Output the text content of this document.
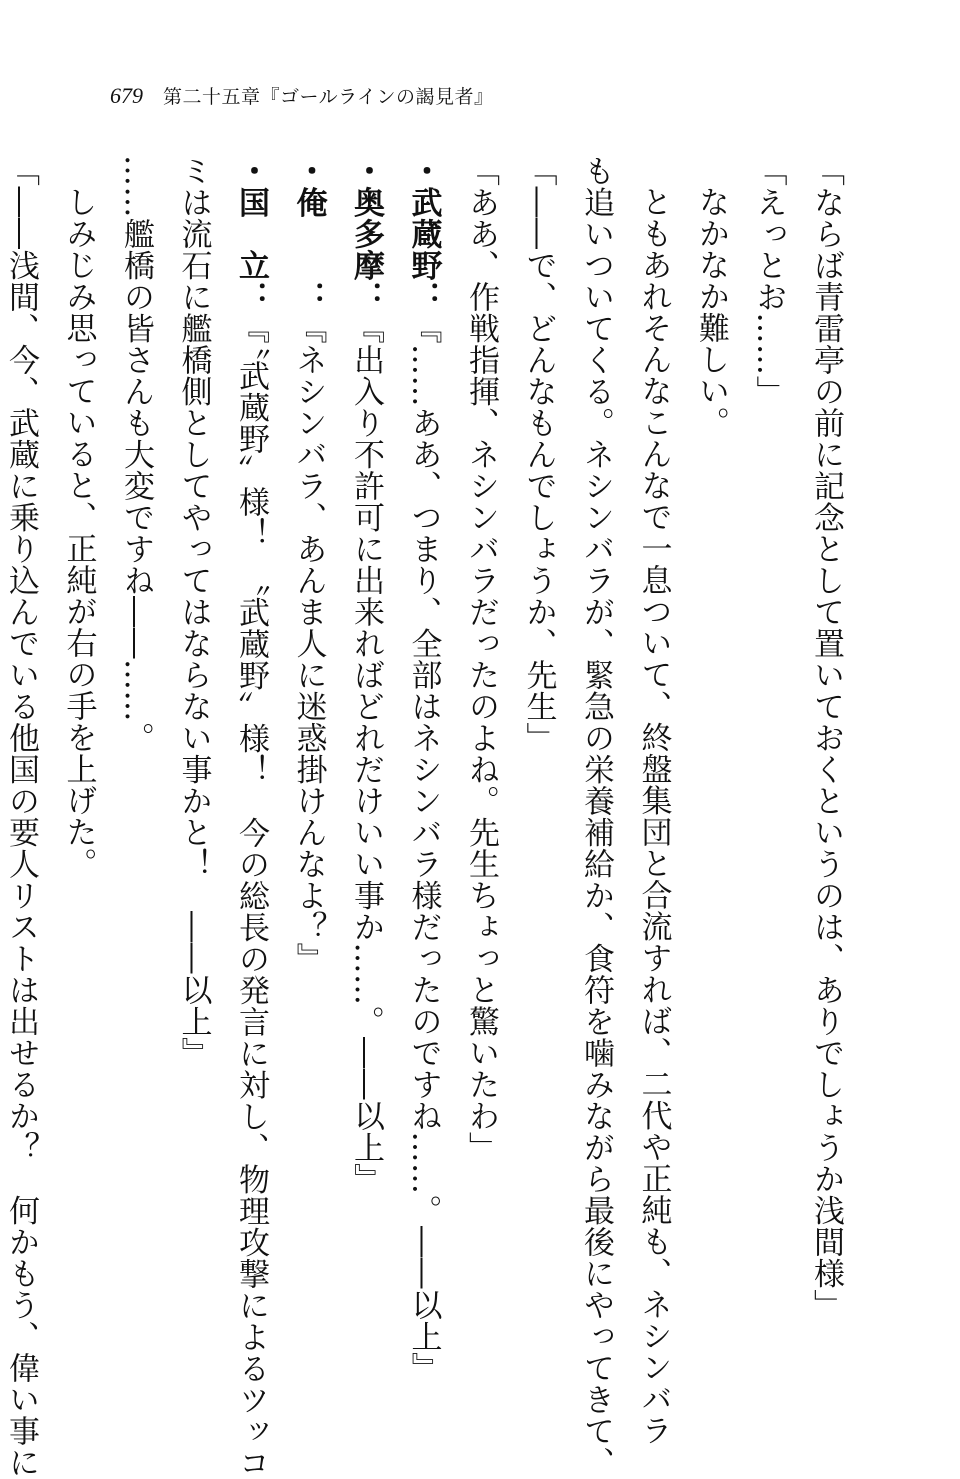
679 第二十五章『ゴールラインの謁見者』
「ならば青雷亭の前に記念として置いておくというのは、ありでしょうか浅間様」
「えっとお……」
なかなか難しい。
ともあれそんなこんなで一息ついて、終盤集団と合流すれば、二代や正純も、ネシンバラ
も追いついてくる。ネシンバラが、緊急の栄養補給か、食符を噛みながら最後にやってきて、
「――で、どんなもんでしょうか、先生」
「ああ、作戦指揮、ネシンバラだったのよね。先生ちょっと驚いたわ」
・武蔵野：『……ああ、つまり、全部はネシンバラ様だったのですね……。――以上』
・奥多摩：『出入り不許可に出来ればどれだけいい事か……。――以上』
・俺　　：『ネシンバラ、あんま人に迷惑掛けんなよ？』
・国　立：『〝武蔵野〟様！　〝武蔵野〟様！　今の総長の発言に対し、物理攻撃によるツッコ
ミは流石に艦橋側としてやってはならない事かと！　――以上』
……艦橋の皆さんも大変ですね――……。
しみじみ思っていると、正純が右の手を上げた。
「――浅間、今、武蔵に乗り込んでいる他国の要人リストは出せるか？　何かもう、偉い事に
